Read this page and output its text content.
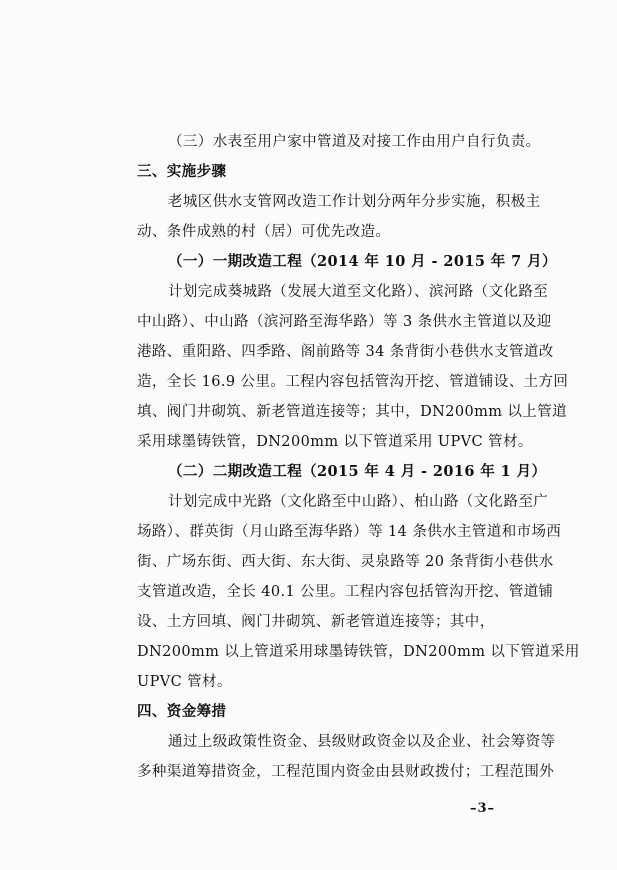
（三）水表至用户家中管道及对接工作由用户自行负责。
三、实施步骤
老城区供水支管网改造工作计划分两年分步实施，积极主
动、条件成熟的村（居）可优先改造。
（一）一期改造工程（2014 年 10 月 - 2015 年 7 月）
计划完成葵城路（发展大道至文化路）、滨河路（文化路至
中山路）、中山路（滨河路至海华路）等 3 条供水主管道以及迎
港路、重阳路、四季路、阁前路等 34 条背街小巷供水支管道改
造，全长 16.9 公里。工程内容包括管沟开挖、管道铺设、土方回
填、阀门井砌筑、新老管道连接等；其中，DN200mm 以上管道
采用球墨铸铁管，DN200mm 以下管道采用 UPVC 管材。
（二）二期改造工程（2015 年 4 月 - 2016 年 1 月）
计划完成中光路（文化路至中山路）、柏山路（文化路至广
场路）、群英街（月山路至海华路）等 14 条供水主管道和市场西
街、广场东街、西大街、东大街、灵泉路等 20 条背街小巷供水
支管道改造，全长 40.1 公里。工程内容包括管沟开挖、管道铺
设、土方回填、阀门井砌筑、新老管道连接等；其中，
DN200mm 以上管道采用球墨铸铁管，DN200mm 以下管道采用
UPVC 管材。
四、资金筹措
通过上级政策性资金、县级财政资金以及企业、社会筹资等
多种渠道筹措资金，工程范围内资金由县财政拨付；工程范围外
–3–
